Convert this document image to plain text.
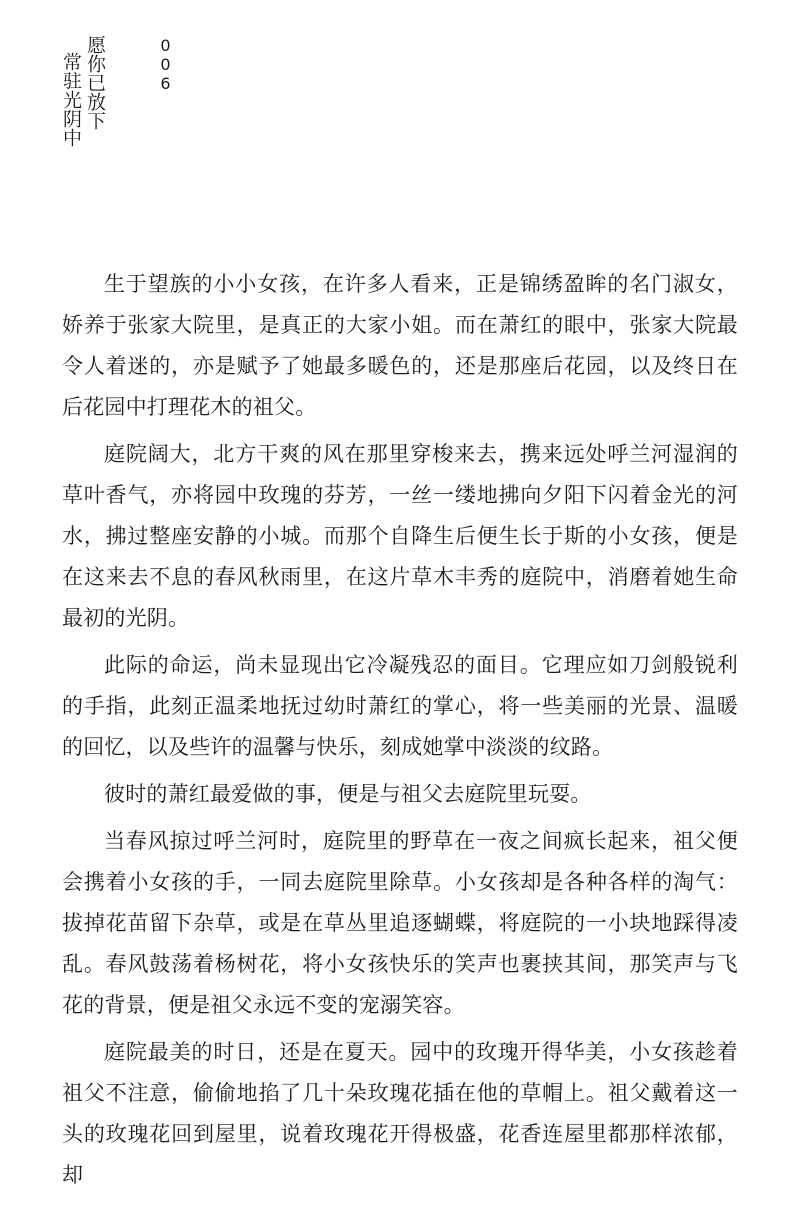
常驻光阴中 愿你已放下	006

生于望族的小小女孩，在许多人看来，正是锦绣盈眸的名门淑女，娇养于张家大院里，是真正的大家小姐。而在萧红的眼中，张家大院最令人着迷的，亦是赋予了她最多暖色的，还是那座后花园，以及终日在后花园中打理花木的祖父。

庭院阔大，北方干爽的风在那里穿梭来去，携来远处呼兰河湿润的草叶香气，亦将园中玫瑰的芬芳，一丝一缕地拂向夕阳下闪着金光的河水，拂过整座安静的小城。而那个自降生后便生长于斯的小女孩，便是在这来去不息的春风秋雨里，在这片草木丰秀的庭院中，消磨着她生命最初的光阴。

此际的命运，尚未显现出它冷凝残忍的面目。它理应如刀剑般锐利的手指，此刻正温柔地抚过幼时萧红的掌心，将一些美丽的光景、温暖的回忆，以及些许的温馨与快乐，刻成她掌中淡淡的纹路。

彼时的萧红最爱做的事，便是与祖父去庭院里玩耍。

当春风掠过呼兰河时，庭院里的野草在一夜之间疯长起来，祖父便会携着小女孩的手，一同去庭院里除草。小女孩却是各种各样的淘气：拔掉花苗留下杂草，或是在草丛里追逐蝴蝶，将庭院的一小块地踩得凌乱。春风鼓荡着杨树花，将小女孩快乐的笑声也裹挟其间，那笑声与飞花的背景，便是祖父永远不变的宠溺笑容。

庭院最美的时日，还是在夏天。园中的玫瑰开得华美，小女孩趁着祖父不注意，偷偷地掐了几十朵玫瑰花插在他的草帽上。祖父戴着这一头的玫瑰花回到屋里，说着玫瑰花开得极盛，花香连屋里都那样浓郁，却
